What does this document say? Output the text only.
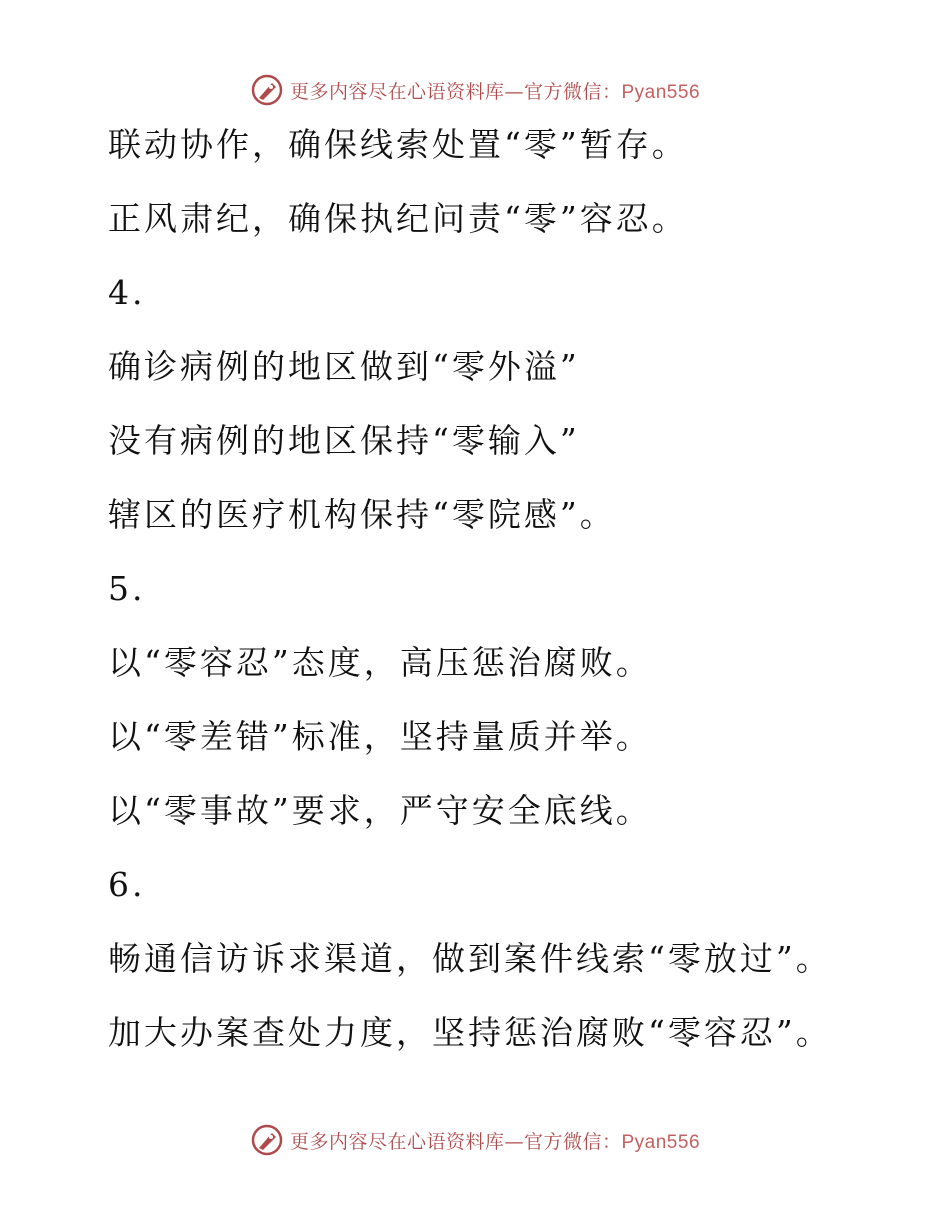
更多内容尽在心语资料库—官方微信：Pyan556
联动协作，确保线索处置“零”暂存。
正风肃纪，确保执纪问责“零”容忍。
4.
确诊病例的地区做到“零外溢”
没有病例的地区保持“零输入”
辖区的医疗机构保持“零院感”。
5.
以“零容忍”态度，高压惩治腐败。
以“零差错”标准，坚持量质并举。
以“零事故”要求，严守安全底线。
6.
畅通信访诉求渠道，做到案件线索“零放过”。
加大办案查处力度，坚持惩治腐败“零容忍”。
更多内容尽在心语资料库—官方微信：Pyan556
